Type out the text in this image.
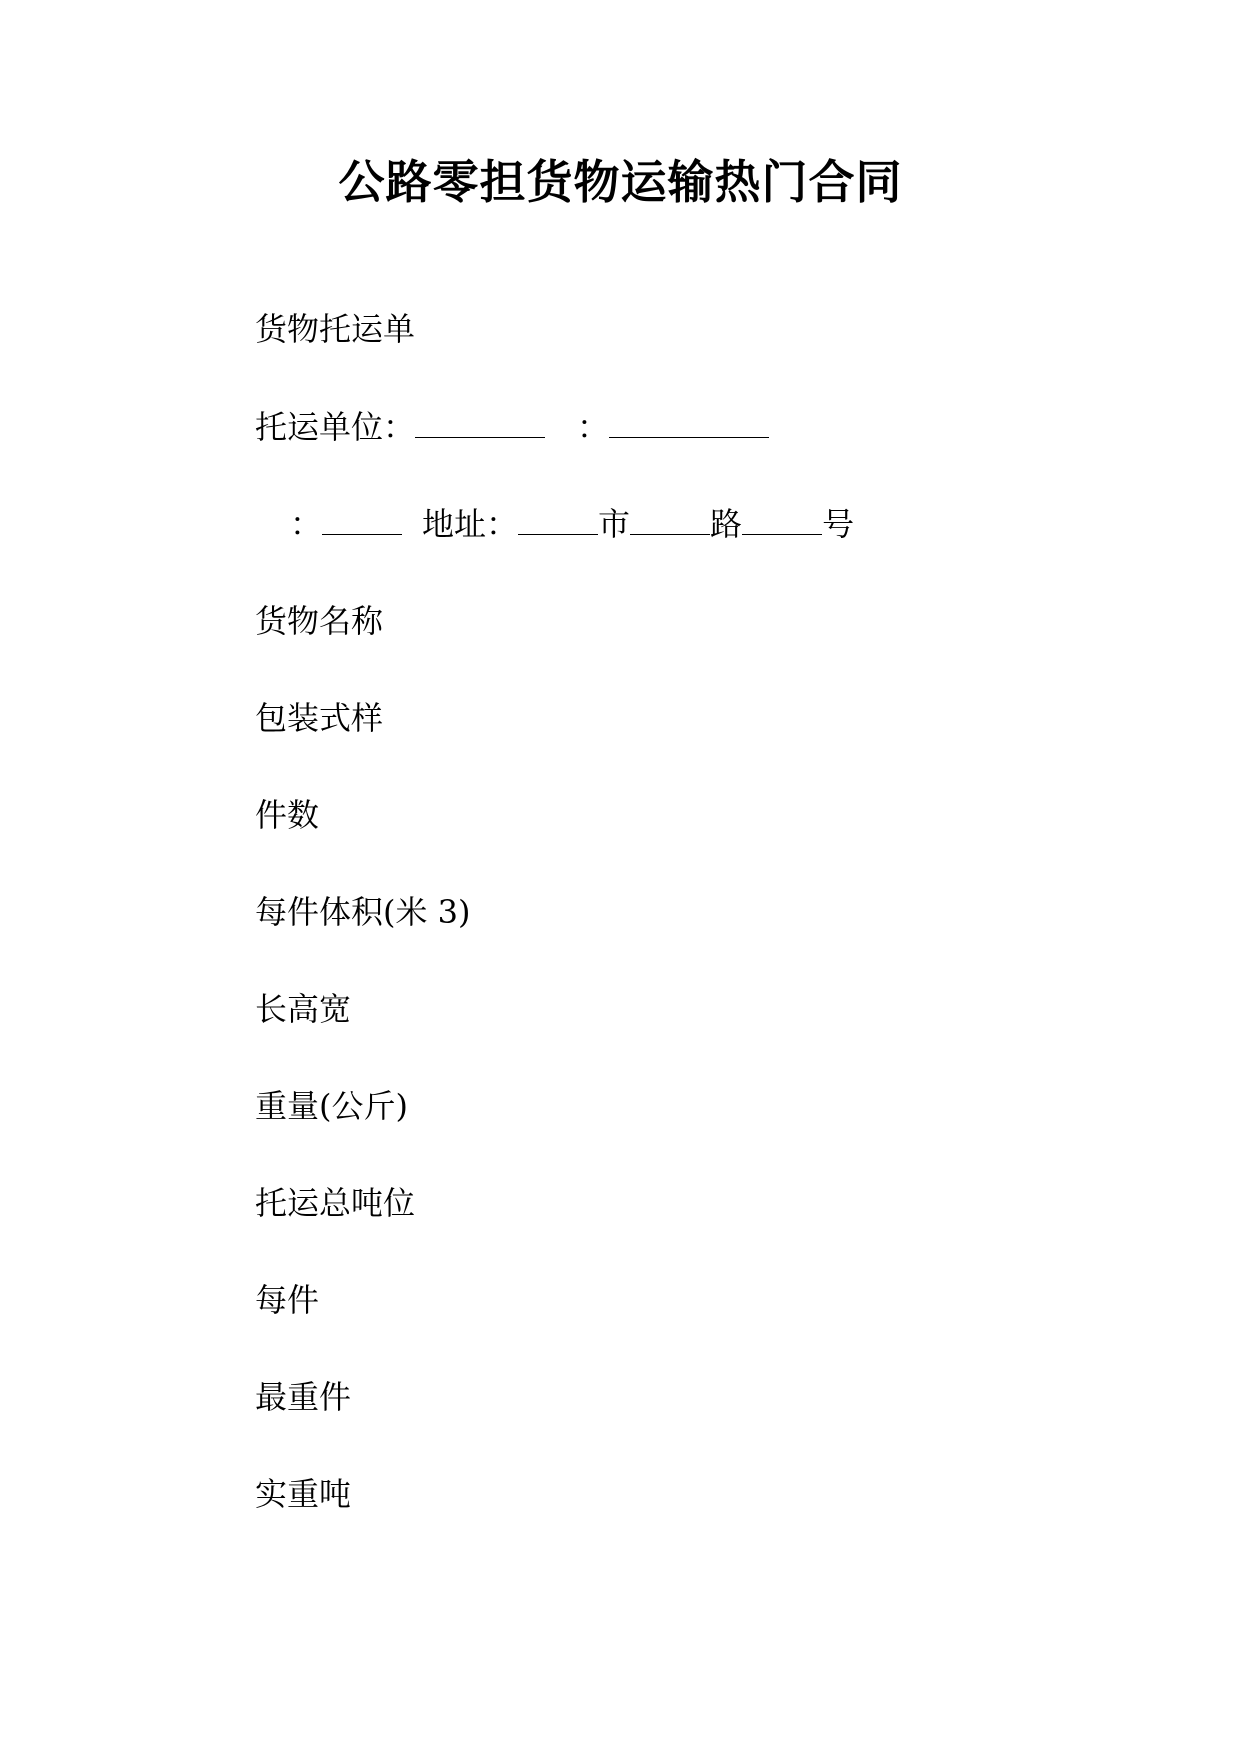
公路零担货物运输热门合同

货物托运单

托运单位：	：

：	地址：	市	路	号

货物名称

包装式样

件数

每件体积(米 3)

长高宽

重量(公斤)

托运总吨位

每件

最重件

实重吨
